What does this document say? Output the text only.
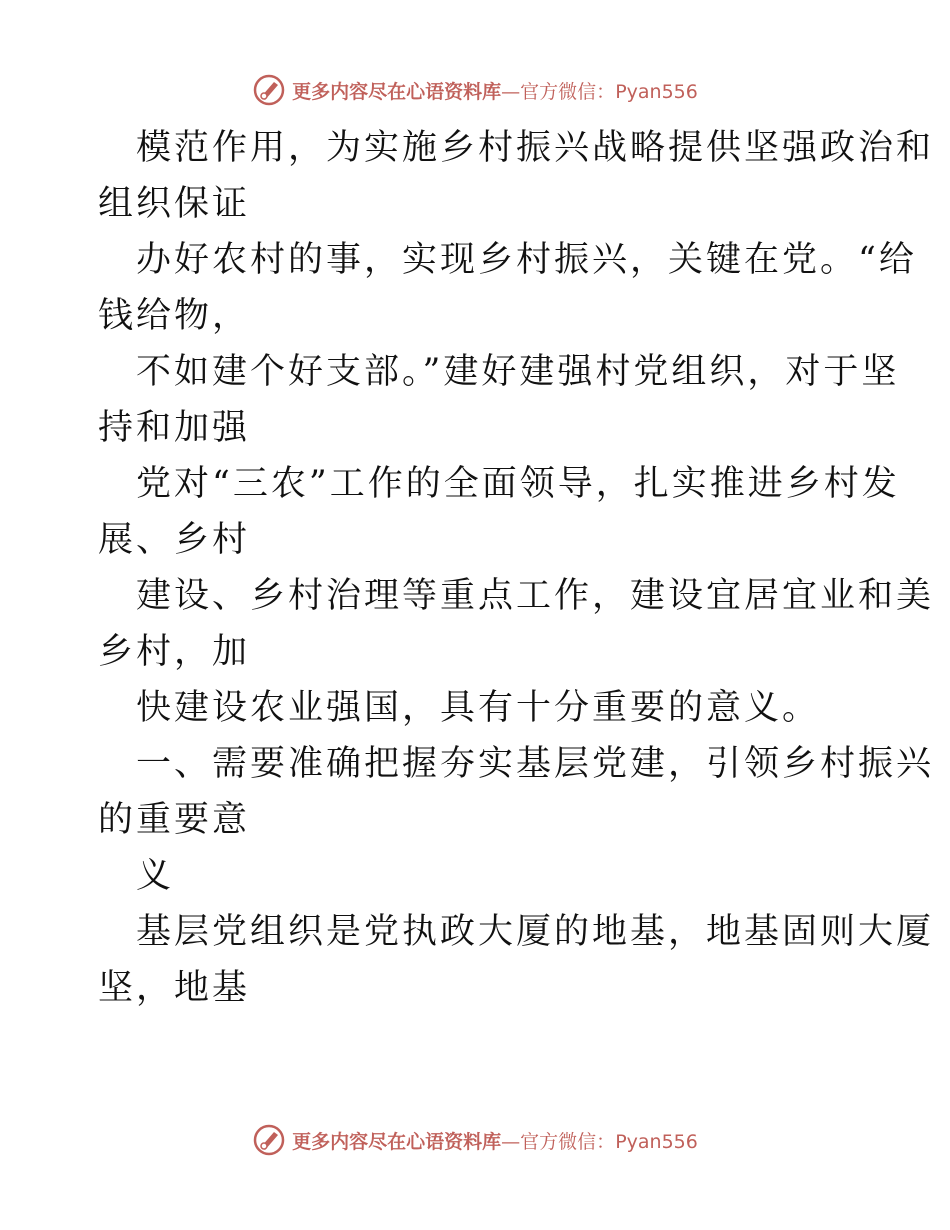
更多内容尽在心语资料库—官方微信：Pyan556
模范作用，为实施乡村振兴战略提供坚强政治和
组织保证
办好农村的事，实现乡村振兴，关键在党。“给
钱给物，
不如建个好支部。”建好建强村党组织，对于坚
持和加强
党对“三农”工作的全面领导，扎实推进乡村发
展、乡村
建设、乡村治理等重点工作，建设宜居宜业和美
乡村，加
快建设农业强国，具有十分重要的意义。
一、需要准确把握夯实基层党建，引领乡村振兴
的重要意
义
基层党组织是党执政大厦的地基，地基固则大厦
坚，地基
更多内容尽在心语资料库—官方微信：Pyan556
